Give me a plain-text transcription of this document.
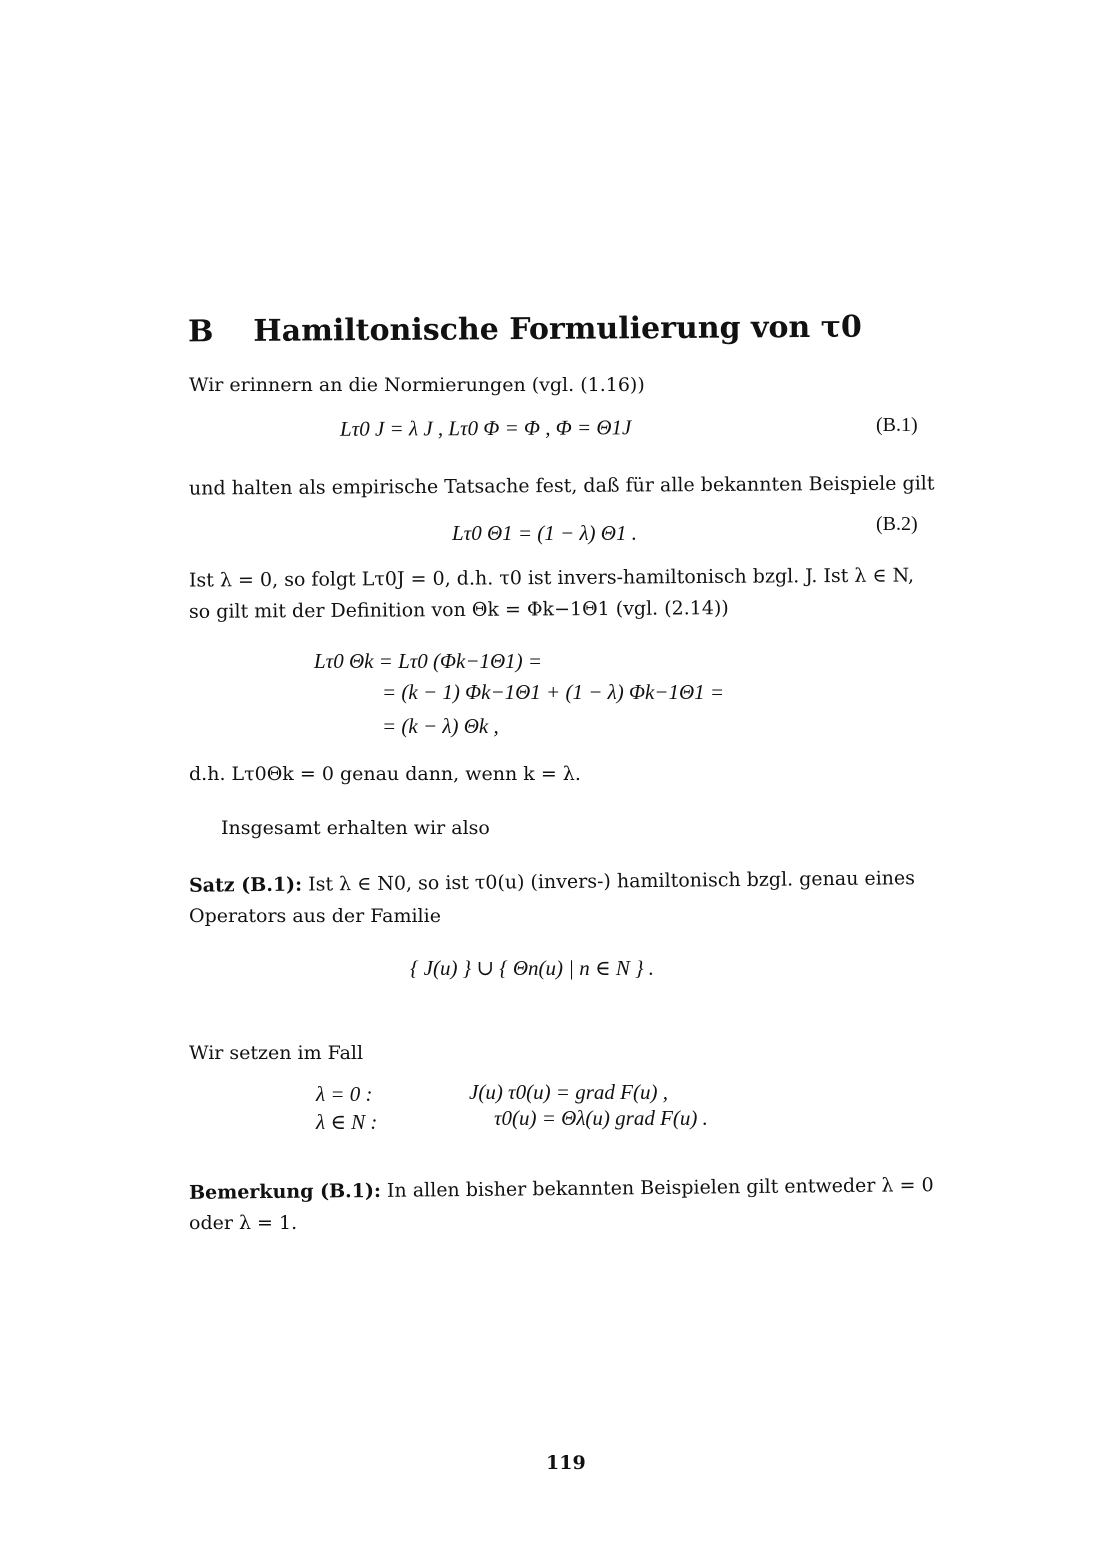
B Hamiltonische Formulierung von τ0
Wir erinnern an die Normierungen (vgl. (1.16))
Lτ0 J = λ J , Lτ0 Φ = Φ , Φ = Θ1J	(B.1)
und halten als empirische Tatsache fest, daß für alle bekannten Beispiele gilt
Lτ0 Θ1 = (1 − λ) Θ1 .	(B.2)
Ist λ = 0, so folgt Lτ0J = 0, d.h. τ0 ist invers-hamiltonisch bzgl. J. Ist λ ∈ N,
so gilt mit der Definition von Θk = Φk−1Θ1 (vgl. (2.14))
Lτ0 Θk = Lτ0 (Φk−1Θ1) =
= (k − 1) Φk−1Θ1 + (1 − λ) Φk−1Θ1 =
= (k − λ) Θk ,
d.h. Lτ0Θk = 0 genau dann, wenn k = λ.
Insgesamt erhalten wir also
Satz (B.1): Ist λ ∈ N0, so ist τ0(u) (invers-) hamiltonisch bzgl. genau eines
Operators aus der Familie
{ J(u) } ∪ { Θn(u) | n ∈ N } .
Wir setzen im Fall
λ = 0 :	J(u) τ0(u) = grad F(u) ,
λ ∈ N :	τ0(u) = Θλ(u) grad F(u) .
Bemerkung (B.1): In allen bisher bekannten Beispielen gilt entweder λ = 0
oder λ = 1.
119
